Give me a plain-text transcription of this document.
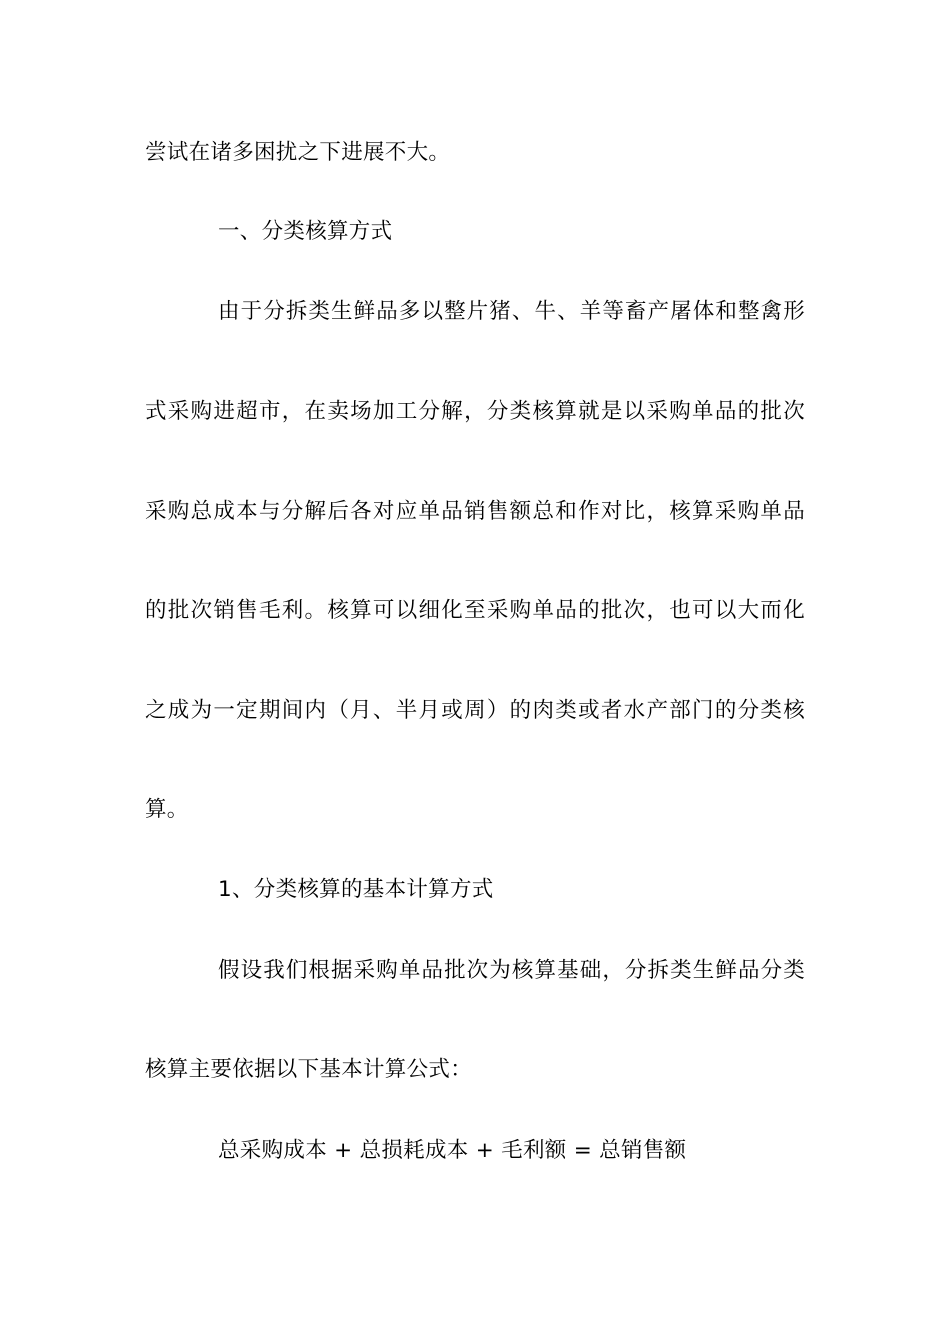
尝试在诸多困扰之下进展不大。
一、分类核算方式
由于分拆类生鲜品多以整片猪、牛、羊等畜产屠体和整禽形
式采购进超市，在卖场加工分解，分类核算就是以采购单品的批次
采购总成本与分解后各对应单品销售额总和作对比，核算采购单品
的批次销售毛利。核算可以细化至采购单品的批次，也可以大而化
之成为一定期间内（月、半月或周）的肉类或者水产部门的分类核
算。
1、分类核算的基本计算方式
假设我们根据采购单品批次为核算基础，分拆类生鲜品分类
核算主要依据以下基本计算公式：
总采购成本 + 总损耗成本 + 毛利额 = 总销售额
